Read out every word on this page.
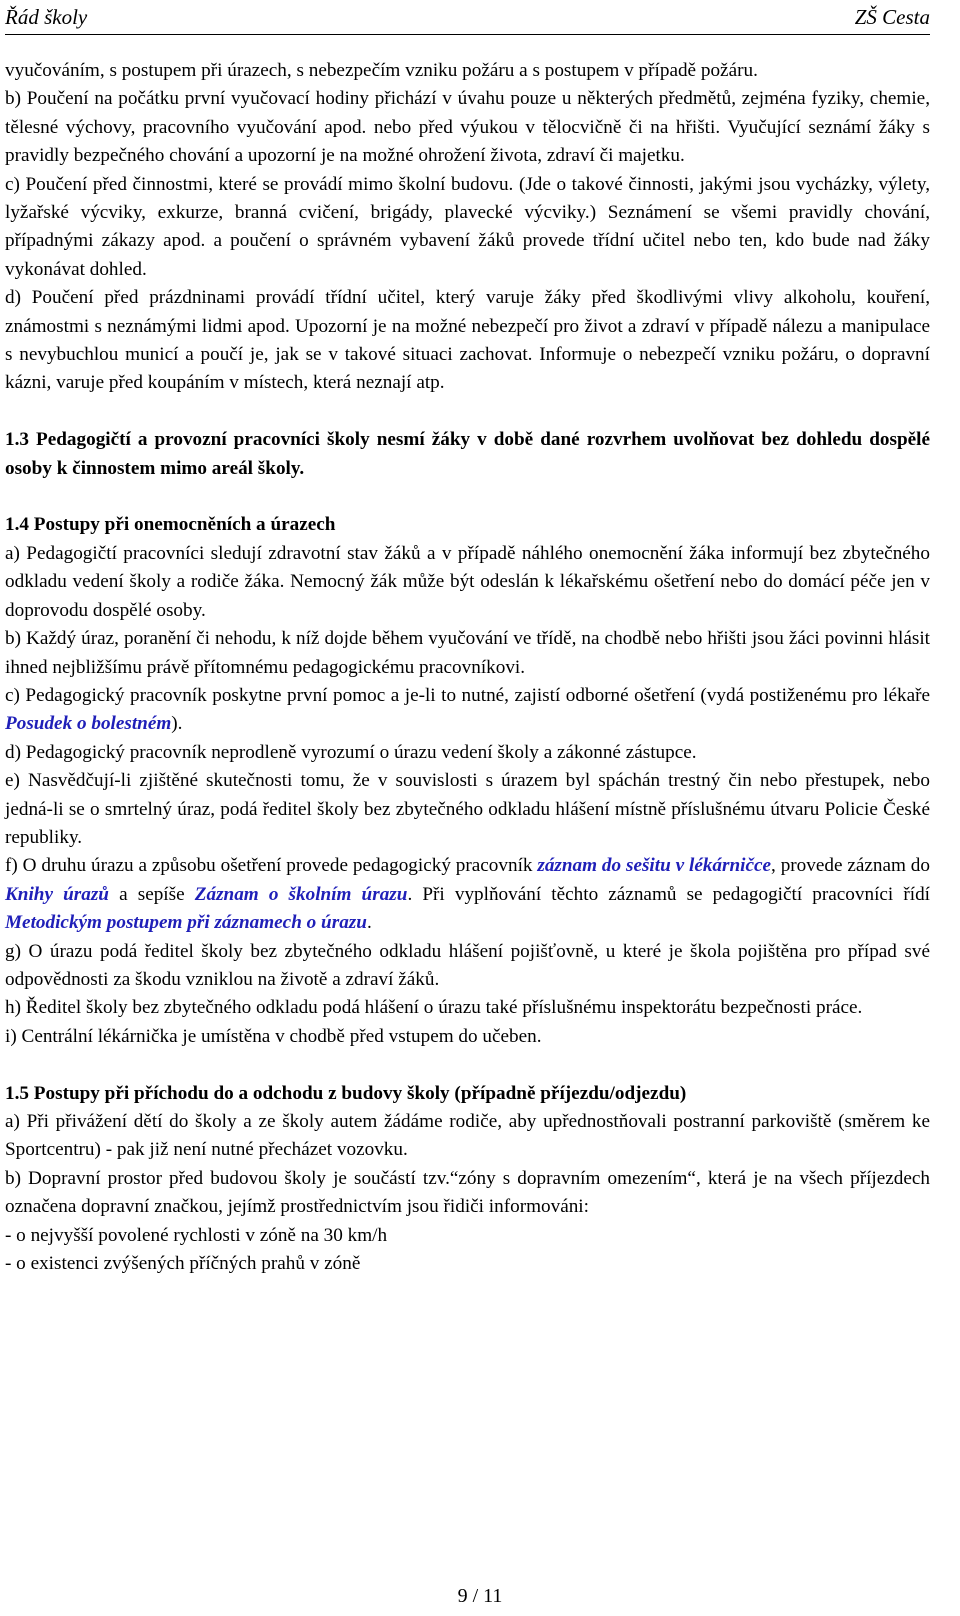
Řád školy	ZŠ Cesta

vyučováním, s postupem při úrazech, s nebezpečím vzniku požáru a s postupem v případě požáru.

b) Poučení na počátku první vyučovací hodiny přichází v úvahu pouze u některých předmětů, zejména fyziky, chemie, tělesné výchovy, pracovního vyučování apod. nebo před výukou v tělocvičně či na hřišti. Vyučující seznámí žáky s pravidly bezpečného chování a upozorní je na možné ohrožení života, zdraví či majetku.

c) Poučení před činnostmi, které se provádí mimo školní budovu. (Jde o takové činnosti, jakými jsou vycházky, výlety, lyžařské výcviky, exkurze, branná cvičení, brigády, plavecké výcviky.) Seznámení se všemi pravidly chování, případnými zákazy apod. a poučení o správném vybavení žáků provede třídní učitel nebo ten, kdo bude nad žáky vykonávat dohled.

d) Poučení před prázdninami provádí třídní učitel, který varuje žáky před škodlivými vlivy alkoholu, kouření, známostmi s neznámými lidmi apod. Upozorní je na možné nebezpečí pro život a zdraví v případě nálezu a manipulace s nevybuchlou municí a poučí je, jak se v takové situaci zachovat. Informuje o nebezpečí vzniku požáru, o dopravní kázni, varuje před koupáním v místech, která neznají atp.

1.3 Pedagogičtí a provozní pracovníci školy nesmí žáky v době dané rozvrhem uvolňovat bez dohledu dospělé osoby k činnostem mimo areál školy.

1.4 Postupy při onemocněních a úrazech

a) Pedagogičtí pracovníci sledují zdravotní stav žáků a v případě náhlého onemocnění žáka informují bez zbytečného odkladu vedení školy a rodiče žáka. Nemocný žák může být odeslán k lékařskému ošetření nebo do domácí péče jen v doprovodu dospělé osoby.

b) Každý úraz, poranění či nehodu, k níž dojde během vyučování ve třídě, na chodbě nebo hřišti jsou žáci povinni hlásit ihned nejbližšímu právě přítomnému pedagogickému pracovníkovi.

c) Pedagogický pracovník poskytne první pomoc a je-li to nutné, zajistí odborné ošetření (vydá postiženému pro lékaře Posudek o bolestném).

d) Pedagogický pracovník neprodleně vyrozumí o úrazu vedení školy a zákonné zástupce.

e) Nasvědčují-li zjištěné skutečnosti tomu, že v souvislosti s úrazem byl spáchán trestný čin nebo přestupek, nebo jedná-li se o smrtelný úraz, podá ředitel školy bez zbytečného odkladu hlášení místně příslušnému útvaru Policie České republiky.

f) O druhu úrazu a způsobu ošetření provede pedagogický pracovník záznam do sešitu v lékárničce, provede záznam do Knihy úrazů a sepíše Záznam o školním úrazu. Při vyplňování těchto záznamů se pedagogičtí pracovníci řídí Metodickým postupem při záznamech o úrazu.

g) O úrazu podá ředitel školy bez zbytečného odkladu hlášení pojišťovně, u které je škola pojištěna pro případ své odpovědnosti za škodu vzniklou na životě a zdraví žáků.

h) Ředitel školy bez zbytečného odkladu podá hlášení o úrazu také příslušnému inspektorátu bezpečnosti práce.

i) Centrální lékárnička je umístěna v chodbě před vstupem do učeben.

1.5 Postupy při příchodu do a odchodu z budovy školy (případně příjezdu/odjezdu)

a) Při přivážení dětí do školy a ze školy autem žádáme rodiče, aby upřednostňovali postranní parkoviště (směrem ke Sportcentru) - pak již není nutné přecházet vozovku.

b) Dopravní prostor před budovou školy je součástí tzv.“zóny s dopravním omezením“, která je na všech příjezdech označena dopravní značkou, jejímž prostřednictvím jsou řidiči informováni:

- o nejvyšší povolené rychlosti v zóně na 30 km/h

- o existenci zvýšených příčných prahů v zóně

9 / 11
